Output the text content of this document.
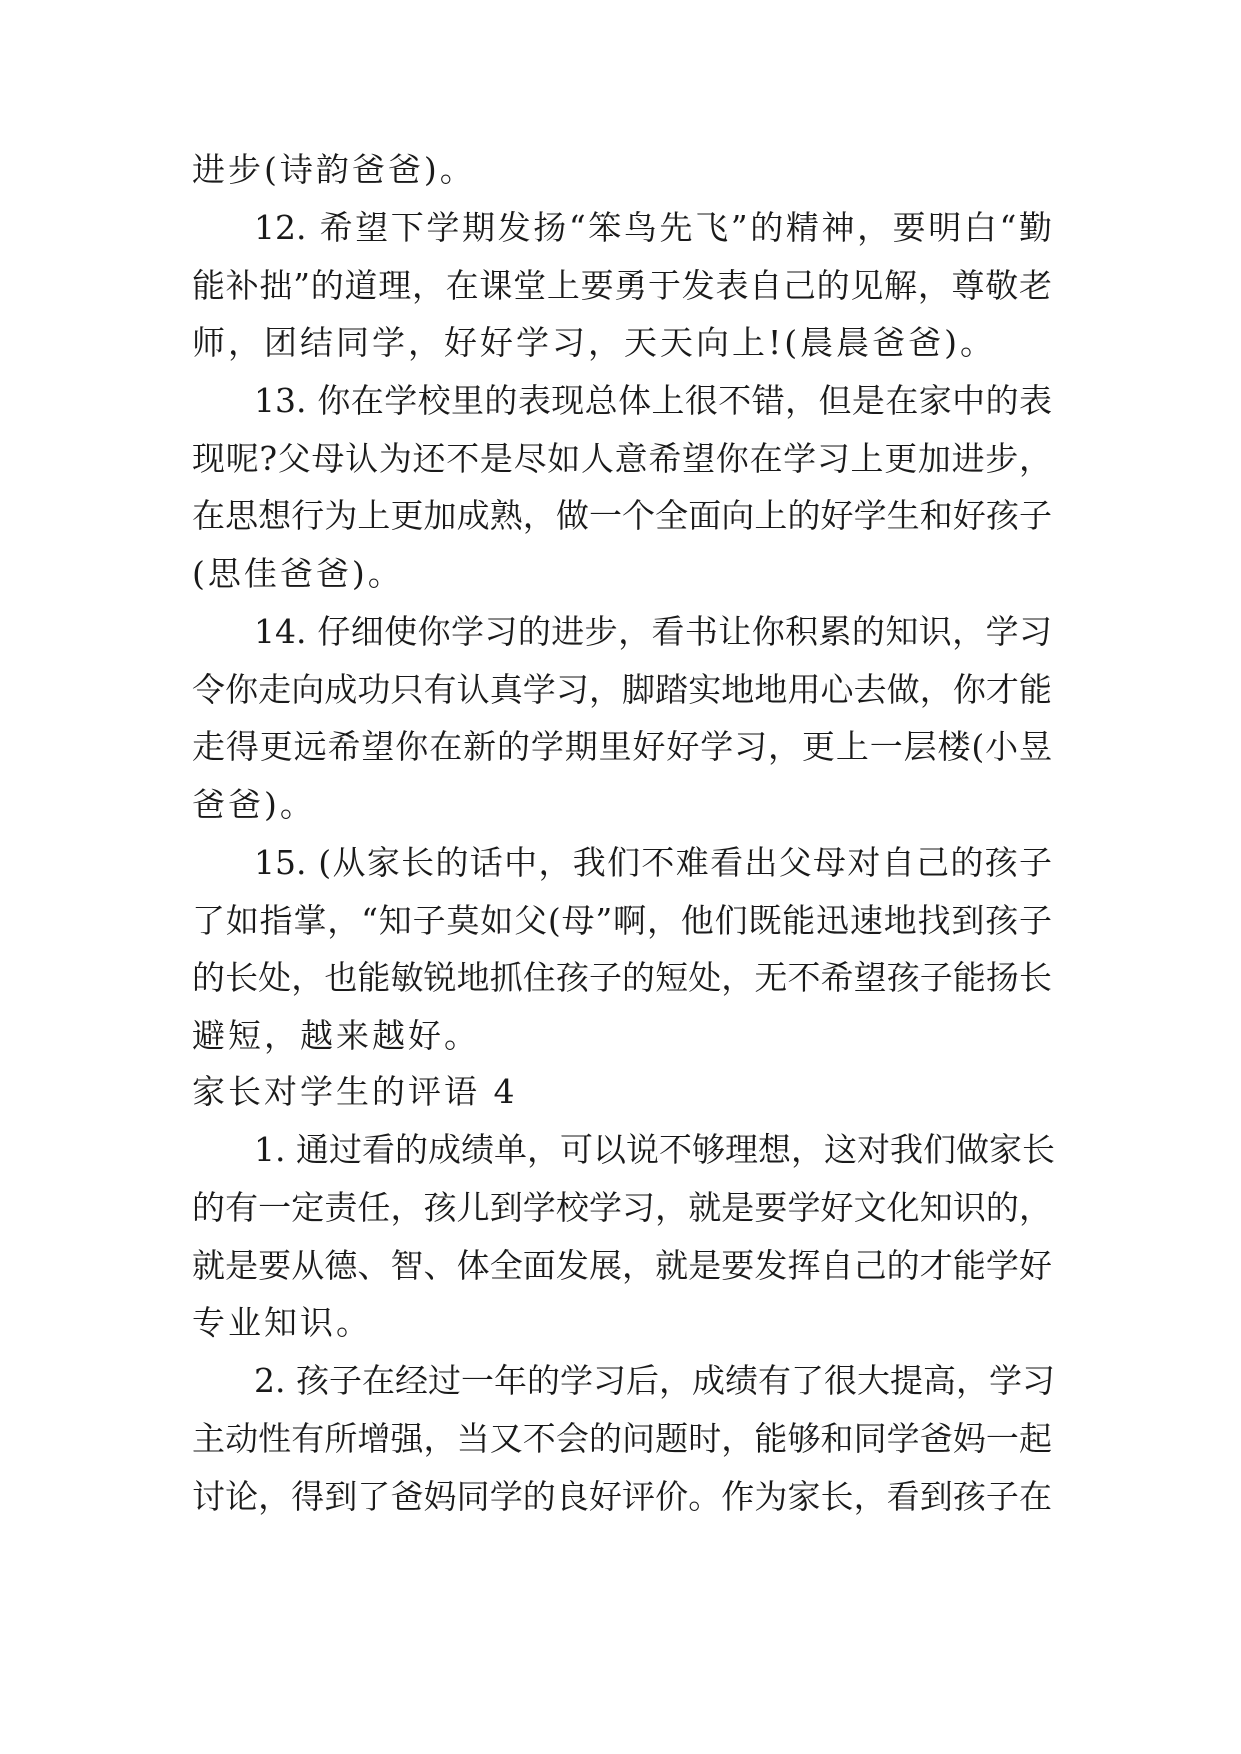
进步(诗韵爸爸)。
12. 希望下学期发扬“笨鸟先飞”的精神，要明白“勤
能补拙”的道理，在课堂上要勇于发表自己的见解，尊敬老
师，团结同学，好好学习，天天向上!(晨晨爸爸)。
13. 你在学校里的表现总体上很不错，但是在家中的表
现呢?父母认为还不是尽如人意希望你在学习上更加进步，
在思想行为上更加成熟，做一个全面向上的好学生和好孩子
(思佳爸爸)。
14. 仔细使你学习的进步，看书让你积累的知识，学习
令你走向成功只有认真学习，脚踏实地地用心去做，你才能
走得更远希望你在新的学期里好好学习，更上一层楼(小昱
爸爸)。
15. (从家长的话中，我们不难看出父母对自己的孩子
了如指掌，“知子莫如父(母”啊，他们既能迅速地找到孩子
的长处，也能敏锐地抓住孩子的短处，无不希望孩子能扬长
避短，越来越好。
家长对学生的评语 4
1. 通过看的成绩单，可以说不够理想，这对我们做家长
的有一定责任，孩儿到学校学习，就是要学好文化知识的，
就是要从德、智、体全面发展，就是要发挥自己的才能学好
专业知识。
2. 孩子在经过一年的学习后，成绩有了很大提高，学习
主动性有所增强，当又不会的问题时，能够和同学爸妈一起
讨论，得到了爸妈同学的良好评价。作为家长，看到孩子在
